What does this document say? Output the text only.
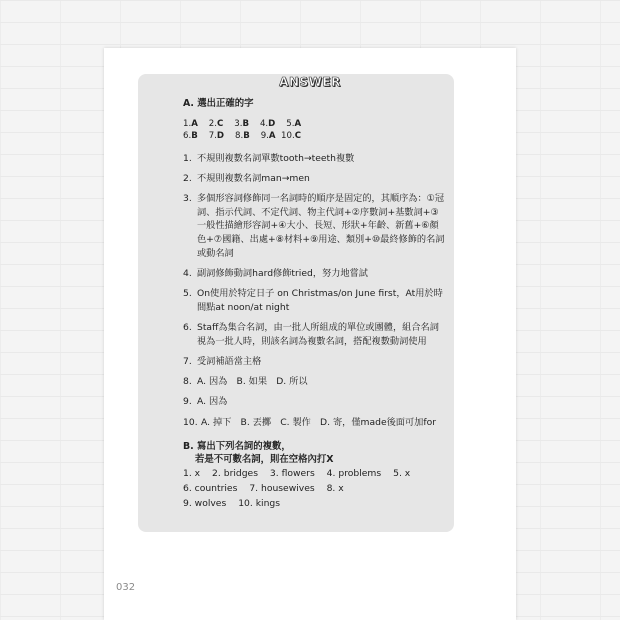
ANSWER
A. 選出正確的字
1.A 2.C 3.B 4.D 5.A
6.B 7.D 8.B 9.A 10.C
1. 不規則複數名詞單數tooth→teeth複數
2. 不規則複數名詞man→men
3. 多個形容詞修飾同一名詞時的順序是固定的，其順序為：①冠詞、指示代詞、不定代詞、物主代詞+②序數詞+基數詞+③一般性描繪形容詞+④大小、長短、形狀+年齡、新舊+⑥顏色+⑦國籍、出處+⑧材料+⑨用途、類別+⑩最終修飾的名詞或動名詞
4. 副詞修飾動詞hard修飾tried，努力地嘗試
5. On使用於特定日子 on Christmas/on June first，At用於時間點at noon/at night
6. Staff為集合名詞，由一批人所組成的單位或團體，組合名詞視為一批人時，則該名詞為複數名詞，搭配複數動詞使用
7. 受詞補語當主格
8. A. 因為　B. 如果　D. 所以
9. A. 因為
10. A. 掉下　B. 丟擲　C. 製作　D. 寄，僅made後面可加for
B. 寫出下列名詞的複數，
若是不可數名詞，則在空格內打X
1. x 2. bridges 3. flowers 4. problems 5. x
6. countries 7. housewives 8. x
9. wolves 10. kings
032
